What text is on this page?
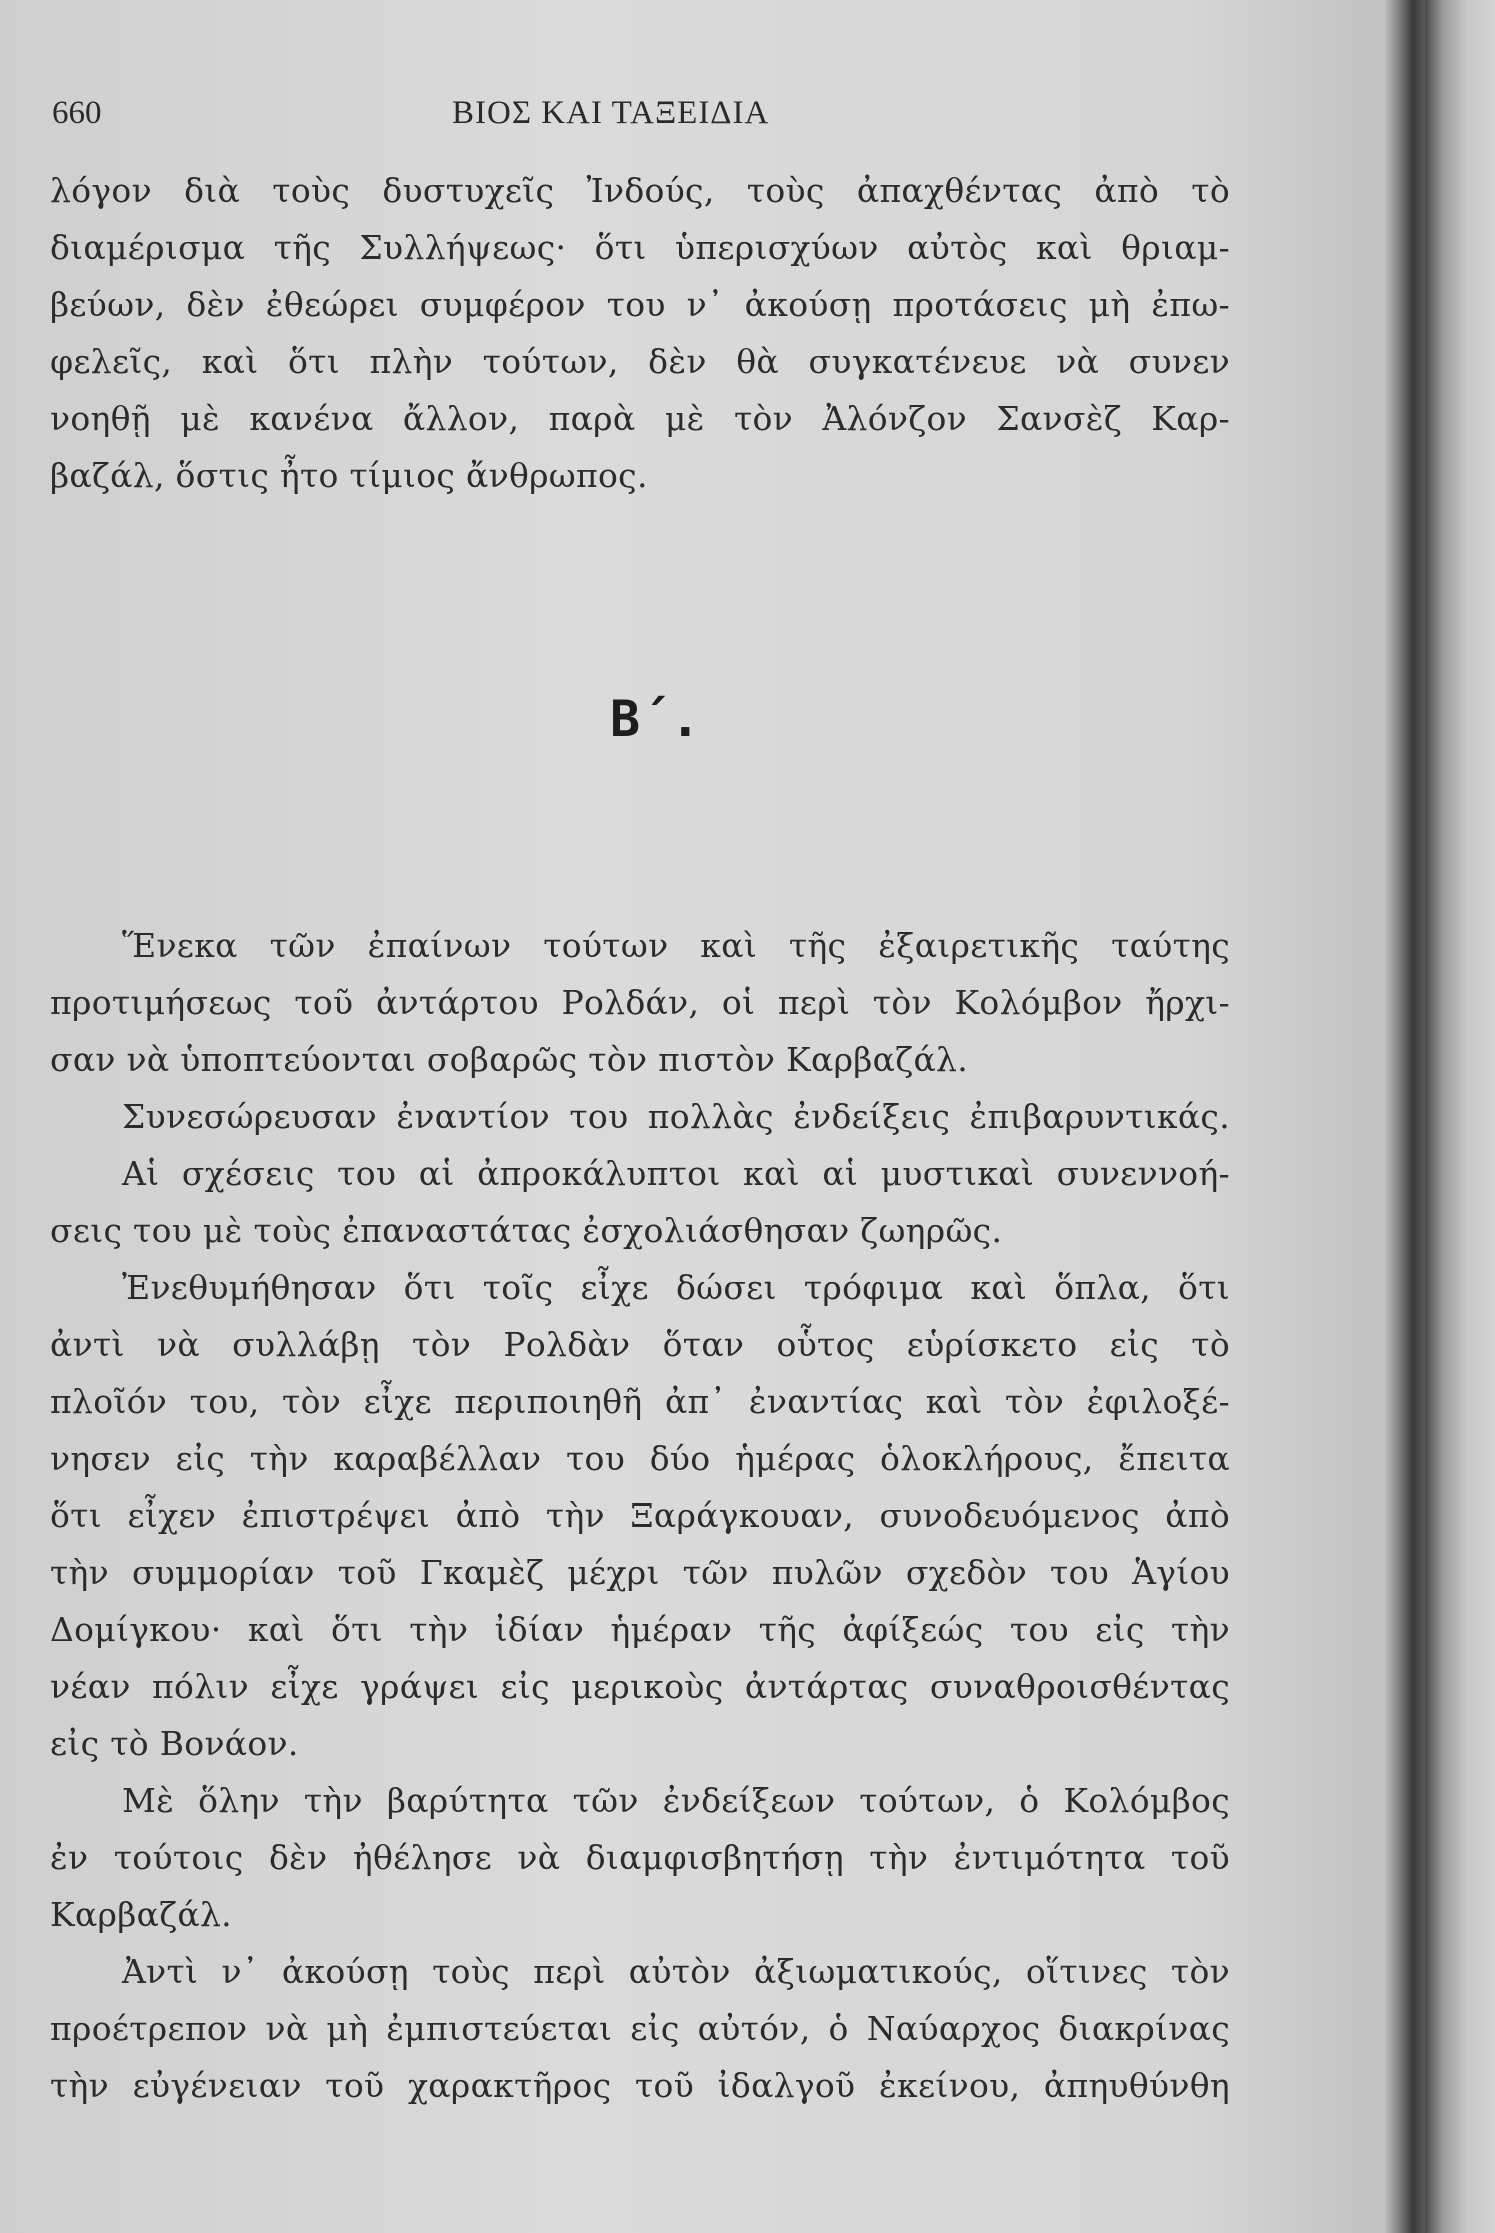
660	ΒΙΟΣ ΚΑΙ ΤΑΞΕΙΔΙΑ
λόγον διὰ τοὺς δυστυχεῖς Ἰνδούς, τοὺς ἀπαχθέντας ἀπὸ τὸ
διαμέρισμα τῆς Συλλήψεως· ὅτι ὑπερισχύων αὐτὸς καὶ θριαμ-
βεύων, δὲν ἐθεώρει συμφέρον του ν᾽ ἀκούσῃ προτάσεις μὴ ἐπω-
φελεῖς, καὶ ὅτι πλὴν τούτων, δὲν θὰ συγκατένευε νὰ συνεν
νοηθῇ μὲ κανένα ἄλλον, παρὰ μὲ τὸν Ἀλόνζον Σανσὲζ Καρ-
βαζάλ, ὅστις ἦτο τίμιος ἄνθρωπος.
Β΄.
Ἕνεκα τῶν ἐπαίνων τούτων καὶ τῆς ἐξαιρετικῆς ταύτης
προτιμήσεως τοῦ ἀντάρτου Ρολδάν, οἱ περὶ τὸν Κολόμβον ἤρχι-
σαν νὰ ὑποπτεύονται σοβαρῶς τὸν πιστὸν Καρβαζάλ.
Συνεσώρευσαν ἐναντίον του πολλὰς ἐνδείξεις ἐπιβαρυντικάς.
Αἱ σχέσεις του αἱ ἀπροκάλυπτοι καὶ αἱ μυστικαὶ συνεννοή-
σεις του μὲ τοὺς ἐπαναστάτας ἐσχολιάσθησαν ζωηρῶς.
Ἐνεθυμήθησαν ὅτι τοῖς εἶχε δώσει τρόφιμα καὶ ὅπλα, ὅτι
ἀντὶ νὰ συλλάβῃ τὸν Ρολδὰν ὅταν οὗτος εὑρίσκετο εἰς τὸ
πλοῖόν του, τὸν εἶχε περιποιηθῆ ἀπ᾽ ἐναντίας καὶ τὸν ἐφιλοξέ-
νησεν εἰς τὴν καραβέλλαν του δύο ἡμέρας ὁλοκλήρους, ἔπειτα
ὅτι εἶχεν ἐπιστρέψει ἀπὸ τὴν Ξαράγκουαν, συνοδευόμενος ἀπὸ
τὴν συμμορίαν τοῦ Γκαμὲζ μέχρι τῶν πυλῶν σχεδὸν του Ἁγίου
Δομίγκου· καὶ ὅτι τὴν ἰδίαν ἡμέραν τῆς ἀφίξεώς του εἰς τὴν
νέαν πόλιν εἶχε γράψει εἰς μερικοὺς ἀντάρτας συναθροισθέντας
εἰς τὸ Βονάον.
Μὲ ὅλην τὴν βαρύτητα τῶν ἐνδείξεων τούτων, ὁ Κολόμβος
ἐν τούτοις δὲν ἠθέλησε νὰ διαμφισβητήσῃ τὴν ἐντιμότητα τοῦ
Καρβαζάλ.
Ἀντὶ ν᾽ ἀκούσῃ τοὺς περὶ αὐτὸν ἀξιωματικούς, οἵτινες τὸν
προέτρεπον νὰ μὴ ἐμπιστεύεται εἰς αὐτόν, ὁ Ναύαρχος διακρίνας
τὴν εὐγένειαν τοῦ χαρακτῆρος τοῦ ἰδαλγοῦ ἐκείνου, ἀπηυθύνθη
